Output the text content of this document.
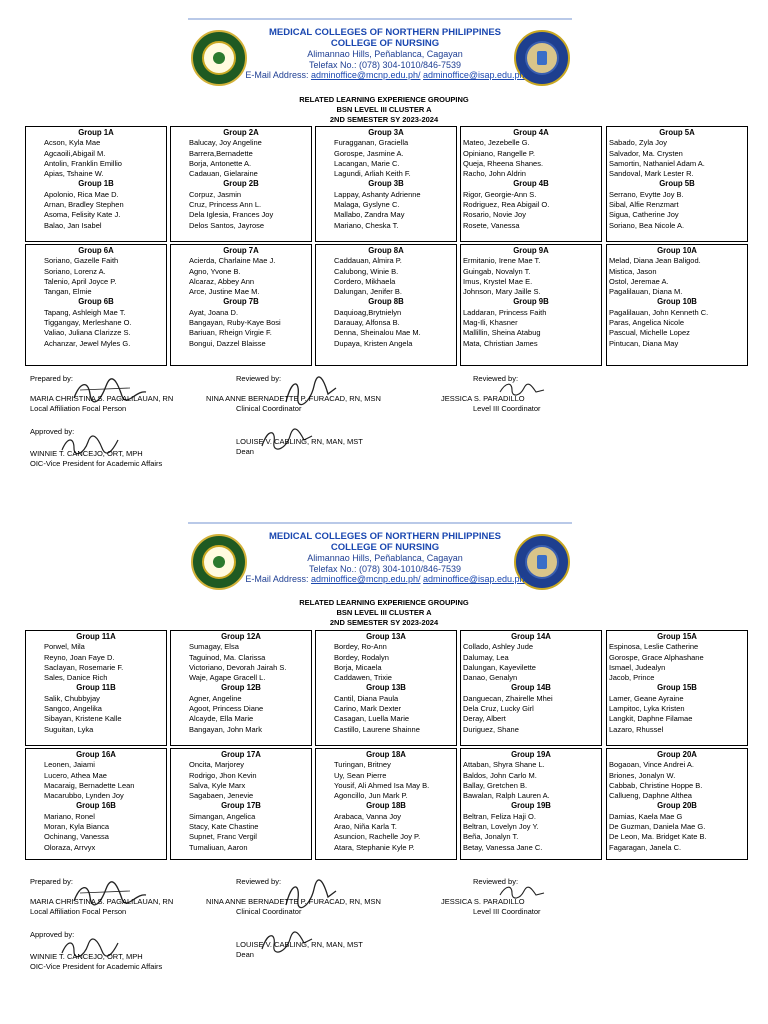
MEDICAL COLLEGES OF NORTHERN PHILIPPINES
COLLEGE OF NURSING
Alimannao Hills, Peñablanca, Cagayan
Telefax No.: (078) 304-1010/846-7539
E-Mail Address: adminoffice@mcnp.edu.ph/ adminoffice@isap.edu.ph
RELATED LEARNING EXPERIENCE GROUPING
BSN LEVEL III CLUSTER A
2ND SEMESTER SY 2023-2024
Prepared by:
MARIA CHRISTINA S. PAGALILAUAN, RN
Local Affiliation Focal Person
Reviewed by:
NINA ANNE BERNADETTE P. FURACAD, RN, MSN
Clinical Coordinator
Reviewed by:
JESSICA S. PARADILLO
Level III Coordinator
Approved by:
WINNIE T. CANCEJO, ORT, MPH
OIC-Vice President for Academic Affairs
LOUISE V. CABLING, RN, MAN, MST
Dean
Group 1A
Acson, Kyla Mae
Agcaoili,Abigail M.
Antolin, Franklin Emillio
Apias, Tshaine W.
Group 1B
Apolonio, Rica Mae D.
Arnan, Bradley Stephen
Asoma, Felisity Kate J.
Balao, Jan Isabel
Group 2A
Balucay, Joy Angeline
Barrera,Bernadette
Borja, Antonette A.
Cadauan, Gielaraine
Group 2B
Corpuz, Jasmin
Cruz, Princess Ann L.
Dela Iglesia, Frances Joy
Delos Santos, Jayrose
Group 3A
Furagganan, Graciella
Gorospe, Jasmine A.
Lacangan, Marie C.
Lagundi, Arliah Keith F.
Group 3B
Lappay, Ashanty Adrienne
Malaga, Gyslyne C.
Mallabo, Zandra May
Mariano, Cheska T.
Group 4A
Mateo, Jezebelle G.
Opiniano, Rangelle P.
Queja, Rheena Shanes.
Racho, John Aldrin
Group 4B
Rigor, Georgie-Ann S.
Rodriguez, Rea Abigail O.
Rosario, Novie Joy
Rosete, Vanessa
Group 5A
Sabado, Zyla Joy
Salvador, Ma. Crysten
Samortin, Nathaniel Adam A.
Sandoval, Mark Lester R.
Group 5B
Serrano, Evytte Joy B.
Sibal, Alfie Renzmart
Sigua, Catherine Joy
Soriano, Bea Nicole A.
Group 6A
Soriano, Gazelle Faith
Soriano, Lorenz A.
Talenio, April Joyce P.
Tangan, Elmie
Group 6B
Tapang, Ashleigh Mae T.
Tiggangay, Merleshane O.
Valiao, Juliana Clarizze S.
Achanzar, Jewel Myles G.
Group 7A
Acierda, Charlaine Mae J.
Agno, Yvone B.
Alcaraz, Abbey Ann
Arce, Justine Mae M.
Group 7B
Ayat, Joana D.
Bangayan, Ruby-Kaye Bosi
Bariuan, Rheign Virgie F.
Bongui, Dazzel Blaisse
Group 8A
Caddauan, Almira P.
Calubong, Winie B.
Cordero, Mikhaela
Dalungan, Jenifer B.
Group 8B
Daquioag,Brytnielyn
Darauay, Alfonsa B.
Denna, Sheinalou Mae M.
Dupaya, Kristen Angela
Group 9A
Ermitanio, Irene Mae T.
Guingab, Novalyn T.
Imus, Krystel Mae E.
Johnson, Mary Jaille S.
Group 9B
Laddaran, Princess Faith
Mag-Ili, Khasner
Mallillin, Sheina Atabug
Mata, Christian James
Group 10A
Melad, Diana Jean Baligod.
Mistica, Jason
Ostol, Jeremae A.
Pagalilauan, Diana M.
Group 10B
Pagalilauan, John Kenneth C.
Paras, Angelica Nicole
Pascual, Michelle Lopez
Pintucan, Diana May
MEDICAL COLLEGES OF NORTHERN PHILIPPINES
COLLEGE OF NURSING
Alimannao Hills, Peñablanca, Cagayan
Telefax No.: (078) 304-1010/846-7539
E-Mail Address: adminoffice@mcnp.edu.ph/ adminoffice@isap.edu.ph
RELATED LEARNING EXPERIENCE GROUPING
BSN LEVEL III CLUSTER A
2ND SEMESTER SY 2023-2024
Prepared by:
MARIA CHRISTINA S. PAGALILAUAN, RN
Local Affiliation Focal Person
Reviewed by:
NINA ANNE BERNADETTE P. FURACAD, RN, MSN
Clinical Coordinator
Reviewed by:
JESSICA S. PARADILLO
Level III Coordinator
Approved by:
WINNIE T. CANCEJO, ORT, MPH
OIC-Vice President for Academic Affairs
LOUISE V. CABLING, RN, MAN, MST
Dean
Group 11A
Porwel, Mila
Reyno, Joan Faye D.
Saclayan, Rosemarie F.
Sales, Danice Rich
Group 11B
Salik, Chubbyjay
Sangco, Angelika
Sibayan, Kristene Kalle
Suguitan, Lyka
Group 12A
Sumagay, Elsa
Taguinod, Ma. Clarissa
Victoriano, Devorah Jairah S.
Waje, Agape Gracell L.
Group 12B
Agner, Angeline
Agoot, Princess Diane
Alcayde, Ella Marie
Bangayan, John Mark
Group 13A
Bordey, Ro-Ann
Bordey, Rodalyn
Borja, Micaela
Caddawen, Trixie
Group 13B
Cantil, Diana Paula
Carino, Mark Dexter
Casagan, Luella Marie
Castillo, Laurene Shainne
Group 14A
Collado, Ashley Jude
Dalumay, Lea
Dalungan, Kayevilette
Danao, Genalyn
Group 14B
Danguecan, Zhairelle Mhei
Dela Cruz, Lucky Girl
Deray, Albert
Duriguez, Shane
Group 15A
Espinosa, Leslie Catherine
Gorospe, Grace Alphashane
Ismael, Judealyn
Jacob, Prince
Group 15B
Lamer, Geane Ayraine
Lampitoc, Lyka Kristen
Langkit, Daphne Filamae
Lazaro, Rhussel
Group 16A
Leonen, Jaiami
Lucero, Athea Mae
Macaraig, Bernadette Lean
Macarubbo, Lynden Joy
Group 16B
Mariano, Ronel
Moran, Kyla Bianca
Ochinang, Vanessa
Oloraza, Arrvyx
Group 17A
Oncita, Marjorey
Rodrigo, Jhon Kevin
Salva, Kyle Marx
Sagabaen, Jenevie
Group 17B
Simangan, Angelica
Stacy, Kate Chastine
Supnet, Franc Vergil
Tumaliuan, Aaron
Group 18A
Turingan, Britney
Uy, Sean Pierre
Yousif, Ali Ahmed Isa May B.
Agoncillo, Jun Mark P.
Group 18B
Arabaca, Vanna Joy
Arao, Niña Karla T.
Asuncion, Rachelle Joy P.
Atara, Stephanie Kyle P.
Group 19A
Attaban, Shyra Shane L.
Baldos, John Carlo M.
Ballay, Gretchen B.
Bawalan, Ralph Lauren A.
Group 19B
Beltran, Feliza Haji O.
Beltran, Lovelyn Joy Y.
Beña, Jonalyn T.
Betay, Vanessa Jane C.
Group 20A
Bogaoan, Vince Andrei A.
Briones, Jonalyn W.
Cabbab, Christine Hoppe B.
Callueng, Daphne Althea
Group 20B
Damias, Kaela Mae G
De Guzman, Daniela Mae G.
De Leon, Ma. Bridget Kate B.
Fagaragan, Janela C.
